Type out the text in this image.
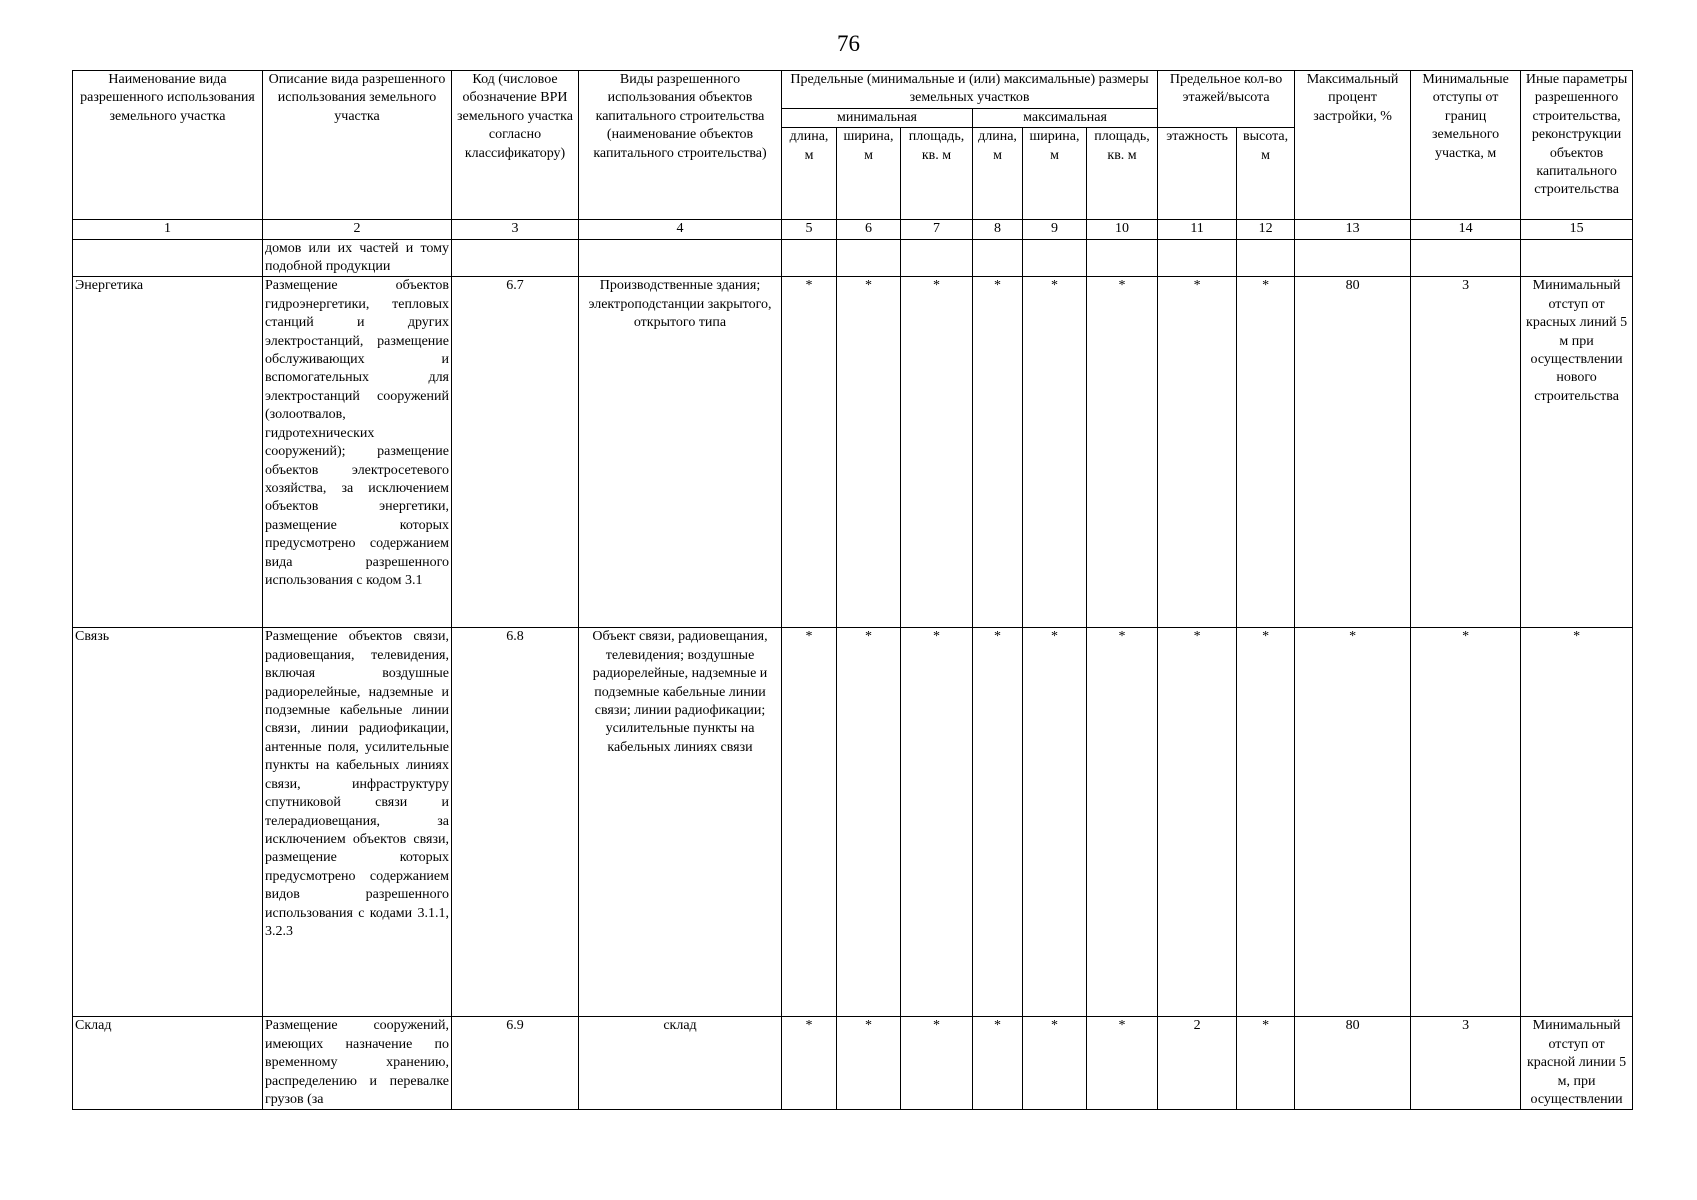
76
Наименование вида разрешенного использования земельного участка	Описание вида разрешенного использования земельного участка	Код (числовое обозначение ВРИ земельного участка согласно классификатору)	Виды разрешенного использования объектов капитального строительства (наименование объектов капитального строительства)	Предельные (минимальные и (или) максимальные) размеры земельных участков						Предельное кол-во этажей/высота		Максимальный процент застройки, %	Минимальные отступы от границ земельного участка, м	Иные параметры разрешенного строительства, реконструкции объектов капитального строительства
				минимальная			максимальная							
				длина, м	ширина, м	площадь, кв. м	длина, м	ширина, м	площадь, кв. м	этажность	высота, м			
1	2	3	4	5	6	7	8	9	10	11	12	13	14	15
	домов или их частей и тому подобной продукции													
Энергетика	Размещение объектов гидроэнергетики, тепловых станций и других электростанций, размещение обслуживающих и вспомогательных для электростанций сооружений (золоотвалов, гидротехнических сооружений); размещение объектов электросетевого хозяйства, за исключением объектов энергетики, размещение которых предусмотрено содержанием вида разрешенного использования с кодом 3.1	6.7	Производственные здания; электроподстанции закрытого, открытого типа	*	*	*	*	*	*	*	*	80	3	Минимальный отступ от красных линий 5 м при осуществлении нового строительства
Связь	Размещение объектов связи, радиовещания, телевидения, включая воздушные радиорелейные, надземные и подземные кабельные линии связи, линии радиофикации, антенные поля, усилительные пункты на кабельных линиях связи, инфраструктуру спутниковой связи и телерадиовещания, за исключением объектов связи, размещение которых предусмотрено содержанием видов разрешенного использования с кодами 3.1.1, 3.2.3	6.8	Объект связи, радиовещания, телевидения; воздушные радиорелейные, надземные и подземные кабельные линии связи; линии радиофикации; усилительные пункты на кабельных линиях связи	*	*	*	*	*	*	*	*	*	*	*
Склад	Размещение сооружений, имеющих назначение по временному хранению, распределению и перевалке грузов (за	6.9	склад	*	*	*	*	*	*	2	*	80	3	Минимальный отступ от красной линии 5 м, при осуществлении
